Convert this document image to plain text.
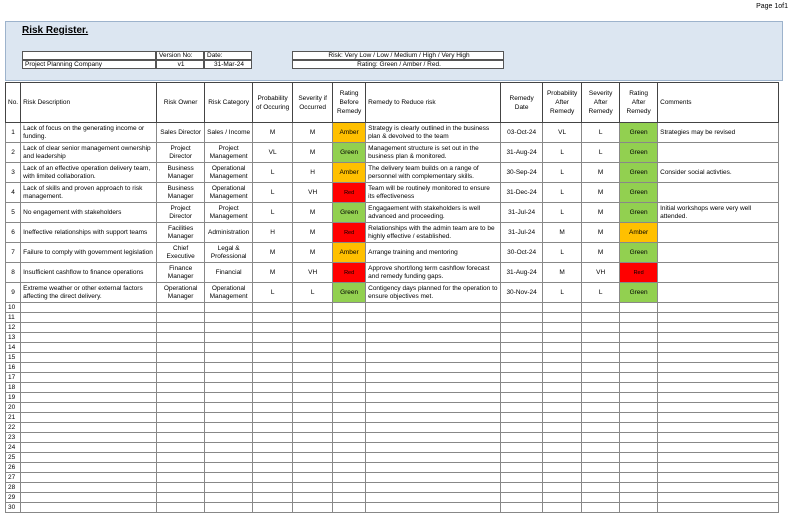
Page 1of1
Risk Register.
Project Planning Company
Version No:
v1
Date:
31-Mar-24
Risk: Very Low / Low / Medium / High / Very High
Rating: Green / Amber / Red.
No.	Risk Description	Risk Owner	Risk Category	Probability of Occuring	Severity if Occurred	Rating Before Remedy	Remedy to Reduce risk	Remedy Date	Probability After Remedy	Severity After Remedy	Rating After Remedy	Comments
1	Lack of focus on the generating income or funding.	Sales Director	Sales / Income	M	M	Amber	Strategy is clearly outlined in the business plan & devolved to the team	03-Oct-24	VL	L	Green	Strategies may be revised
2	Lack of clear senior management ownership and leadership	Project Director	Project Management	VL	M	Green	Management structure is set out in the business plan & monitored.	31-Aug-24	L	L	Green	
3	Lack of an effective operation delivery team, with limited collaboration.	Business Manager	Operational Management	L	H	Amber	The delivery team builds on a range of personnel with complementary skills.	30-Sep-24	L	M	Green	Consider social activties.
4	Lack of skills and proven approach to risk management.	Business Manager	Operational Management	L	VH	Red	Team will be routinely monitored to ensure its effectiveness	31-Dec-24	L	M	Green	
5	No engagement with stakeholders	Project Director	Project Management	L	M	Green	Engagaement with stakeholders is well advanced and proceeding.	31-Jul-24	L	M	Green	Initial workshops were very well attended.
6	Ineffective relationships with support teams	Facilities Manager	Administration	H	M	Red	Relationships with the admin team are to be highly effective / established.	31-Jul-24	M	M	Amber	
7	Failure to comply with government legislation	Chief Executive	Legal & Professional	M	M	Amber	Arrange training and mentoring	30-Oct-24	L	M	Green	
8	Insufficient cashflow to finance operations	Finance Manager	Financial	M	VH	Red	Approve short/long term cashflow forecast and remedy funding gaps.	31-Aug-24	M	VH	Red	
9	Extreme weather or other external factors affecting the direct delivery.	Operational Manager	Operational Management	L	L	Green	Contigency days planned for the operation to ensure objectives met.	30-Nov-24	L	L	Green	
10												
11												
12												
13												
14												
15												
16												
17												
18												
19												
20												
21												
22												
23												
24												
25												
26												
27												
28												
29												
30												
